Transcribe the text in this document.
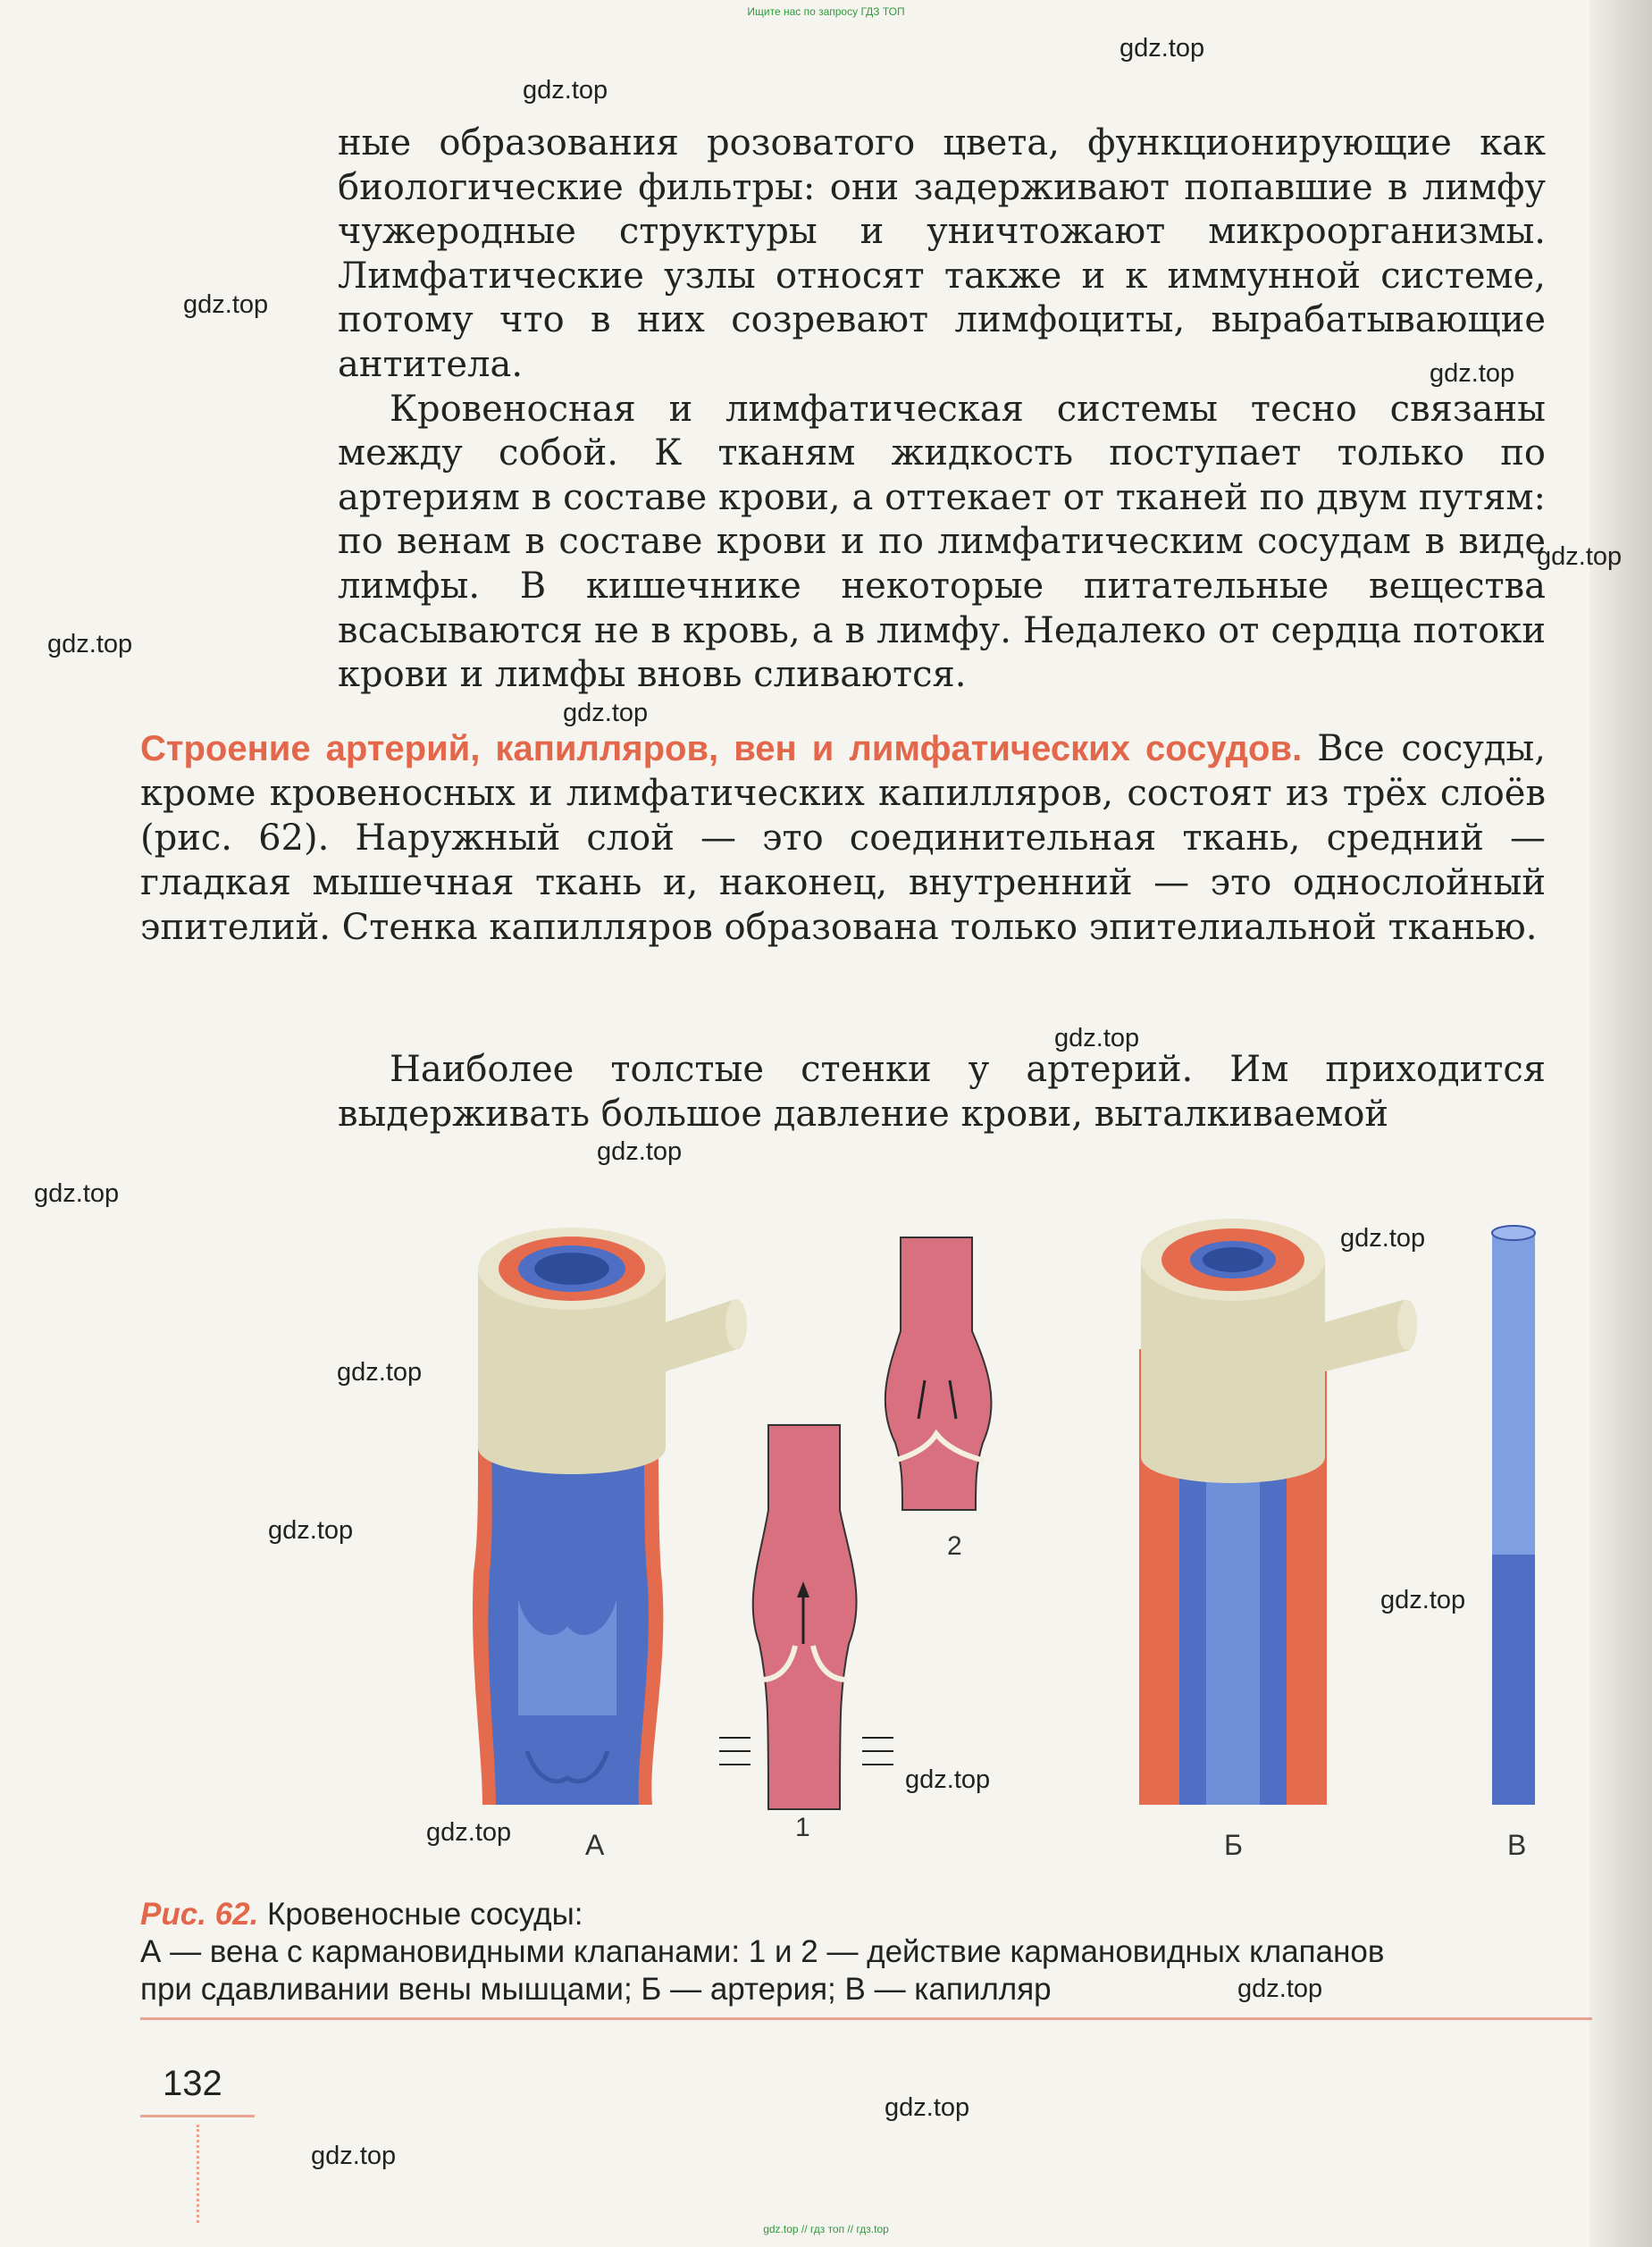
Ищите нас по запросу ГДЗ ТОП
gdz.top
gdz.top
gdz.top
gdz.top
gdz.top
gdz.top
gdz.top
gdz.top
gdz.top
gdz.top
gdz.top
gdz.top
gdz.top
gdz.top
gdz.top
gdz.top
gdz.top
gdz.top
gdz.top

ные образования розоватого цвета, функционирующие как биологические фильтры: они задерживают попавшие в лимфу чужеродные структуры и уничтожают микроорганизмы. Лимфатические узлы относят также и к иммунной системе, потому что в них созревают лимфоциты, вырабатывающие антитела.

Кровеносная и лимфатическая системы тесно связаны между собой. К тканям жидкость поступает только по артериям в составе крови, а оттекает от тканей по двум путям: по венам в составе крови и по лимфатическим сосудам в виде лимфы. В кишечнике некоторые питательные вещества всасываются не в кровь, а в лимфу. Недалеко от сердца потоки крови и лимфы вновь сливаются.

Строение артерий, капилляров, вен и лимфатических сосудов. Все сосуды, кроме кровеносных и лимфатических капилляров, состоят из трёх слоёв (рис. 62). Наружный слой — это соединительная ткань, средний — гладкая мышечная ткань и, наконец, внутренний — это однослойный эпителий. Стенка капилляров образована только эпителиальной тканью.

Наиболее толстые стенки у артерий. Им приходится выдерживать большое давление крови, выталкиваемой

А
1
2
Б	В
Рис. 62. Кровеносные сосуды:
А — вена с кармановидными клапанами: 1 и 2 — действие кармановидных клапанов
при сдавливании вены мышцами; Б — артерия; В — капилляр
132
gdz.top // гдз топ // гдз.top
